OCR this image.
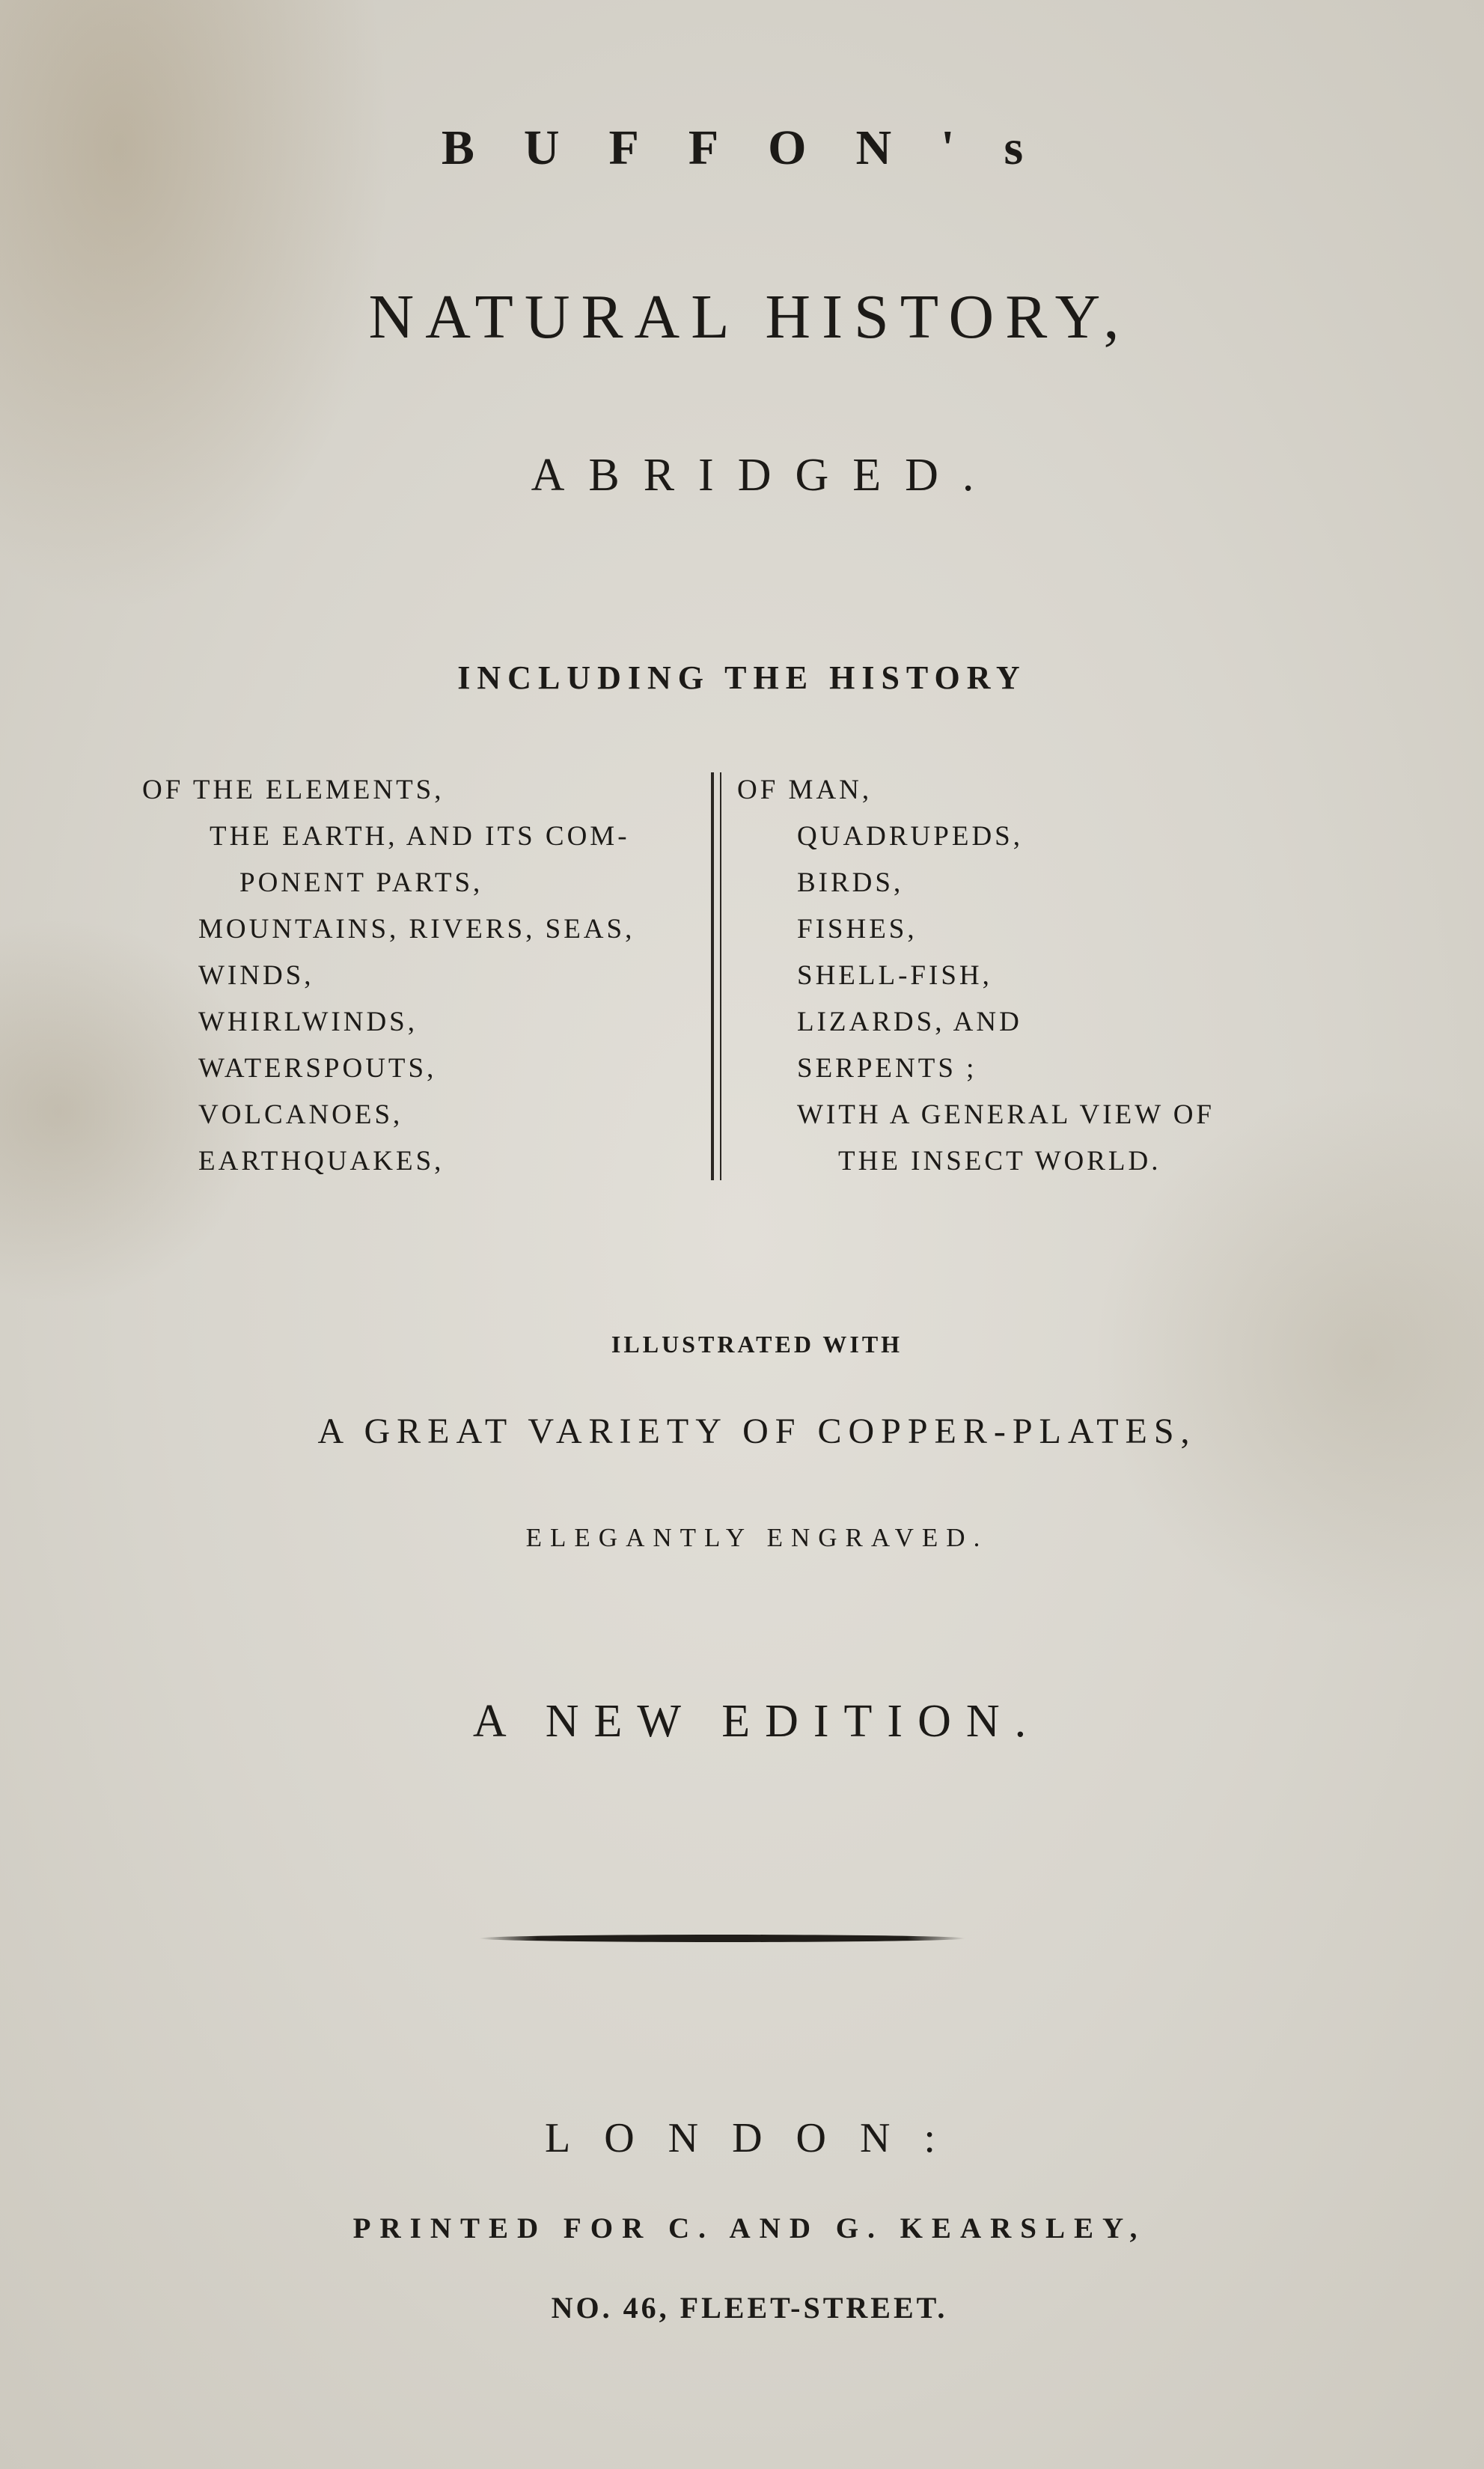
BUFFON's
NATURAL HISTORY,
ABRIDGED.
INCLUDING THE HISTORY
OF THE ELEMENTS,
THE EARTH, AND ITS COM-
PONENT PARTS,
MOUNTAINS, RIVERS, SEAS,
WINDS,
WHIRLWINDS,
WATERSPOUTS,
VOLCANOES,
EARTHQUAKES,
OF MAN,
QUADRUPEDS,
BIRDS,
FISHES,
SHELL-FISH,
LIZARDS, AND
SERPENTS ;
WITH A GENERAL VIEW OF
THE INSECT WORLD.
ILLUSTRATED WITH
A GREAT VARIETY OF COPPER-PLATES,
ELEGANTLY ENGRAVED.
A NEW EDITION.
LONDON:
PRINTED FOR C. AND G. KEARSLEY,
NO. 46, FLEET-STREET.
